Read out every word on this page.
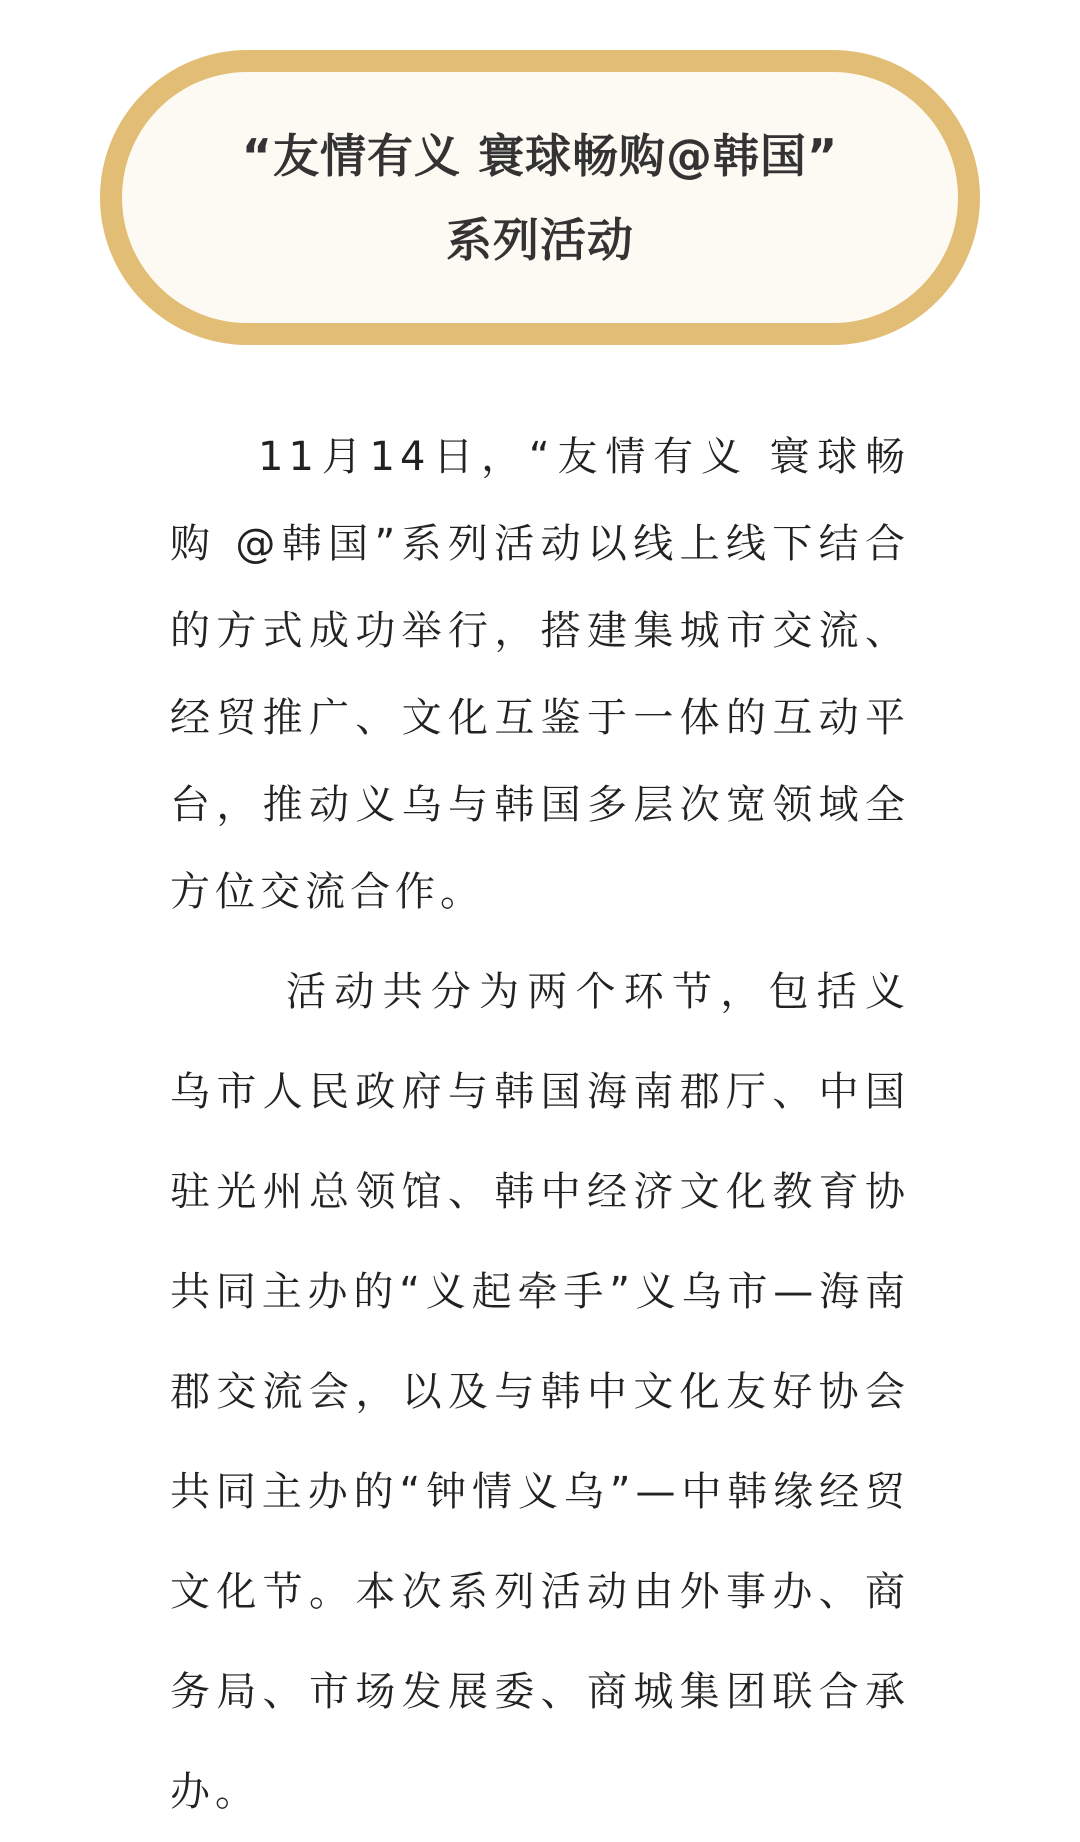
“友情有义 寰球畅购@韩国”
系列活动

11月14日，“友情有义 寰球畅购 @韩国”系列活动以线上线下结合的方式成功举行，搭建集城市交流、经贸推广、文化互鉴于一体的互动平台，推动义乌与韩国多层次宽领域全方位交流合作。

活动共分为两个环节，包括义乌市人民政府与韩国海南郡厅、中国驻光州总领馆、韩中经济文化教育协共同主办的“义起牵手”义乌市—海南郡交流会，以及与韩中文化友好协会共同主办的“钟情义乌”—中韩缘经贸文化节。本次系列活动由外事办、商务局、市场发展委、商城集团联合承办。
